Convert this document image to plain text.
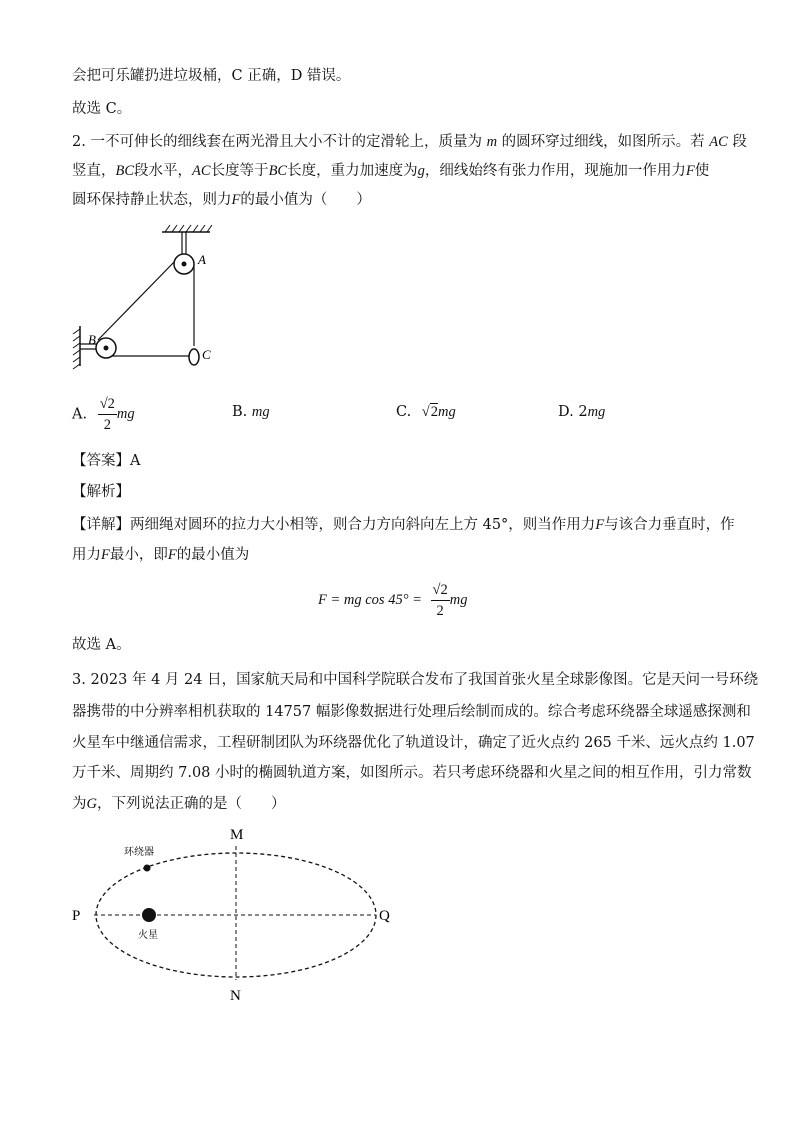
会把可乐罐扔进垃圾桶，C 正确，D 错误。
故选 C。
2. 一不可伸长的细线套在两光滑且大小不计的定滑轮上，质量为 m 的圆环穿过细线，如图所示。若 AC 段
竖直，BC段水平，AC长度等于BC长度，重力加速度为g，细线始终有张力作用，现施加一作用力F使
圆环保持静止状态，则力F的最小值为（　　）
A
B
C
A. $\frac{√2}{2}$ mg	B. mg	C. √2mg	D. 2mg
【答案】A
【解析】
【详解】两细绳对圆环的拉力大小相等，则合力方向斜向左上方 45°，则当作用力F与该合力垂直时，作
用力F最小，即F的最小值为
F = mg $\cos 45^\circ = \frac{√2}{2}$ mg
故选 A。
3. 2023 年 4 月 24 日，国家航天局和中国科学院联合发布了我国首张火星全球影像图。它是天问一号环绕
器携带的中分辨率相机获取的 14757 幅影像数据进行处理后绘制而成的。综合考虑环绕器全球遥感探测和
火星车中继通信需求，工程研制团队为环绕器优化了轨道设计，确定了近火点约 265 千米、远火点约 1.07
万千米、周期约 7.08 小时的椭圆轨道方案，如图所示。若只考虑环绕器和火星之间的相互作用，引力常数
为G，下列说法正确的是（　　）
M
N
P	Q
环绕器
火星
